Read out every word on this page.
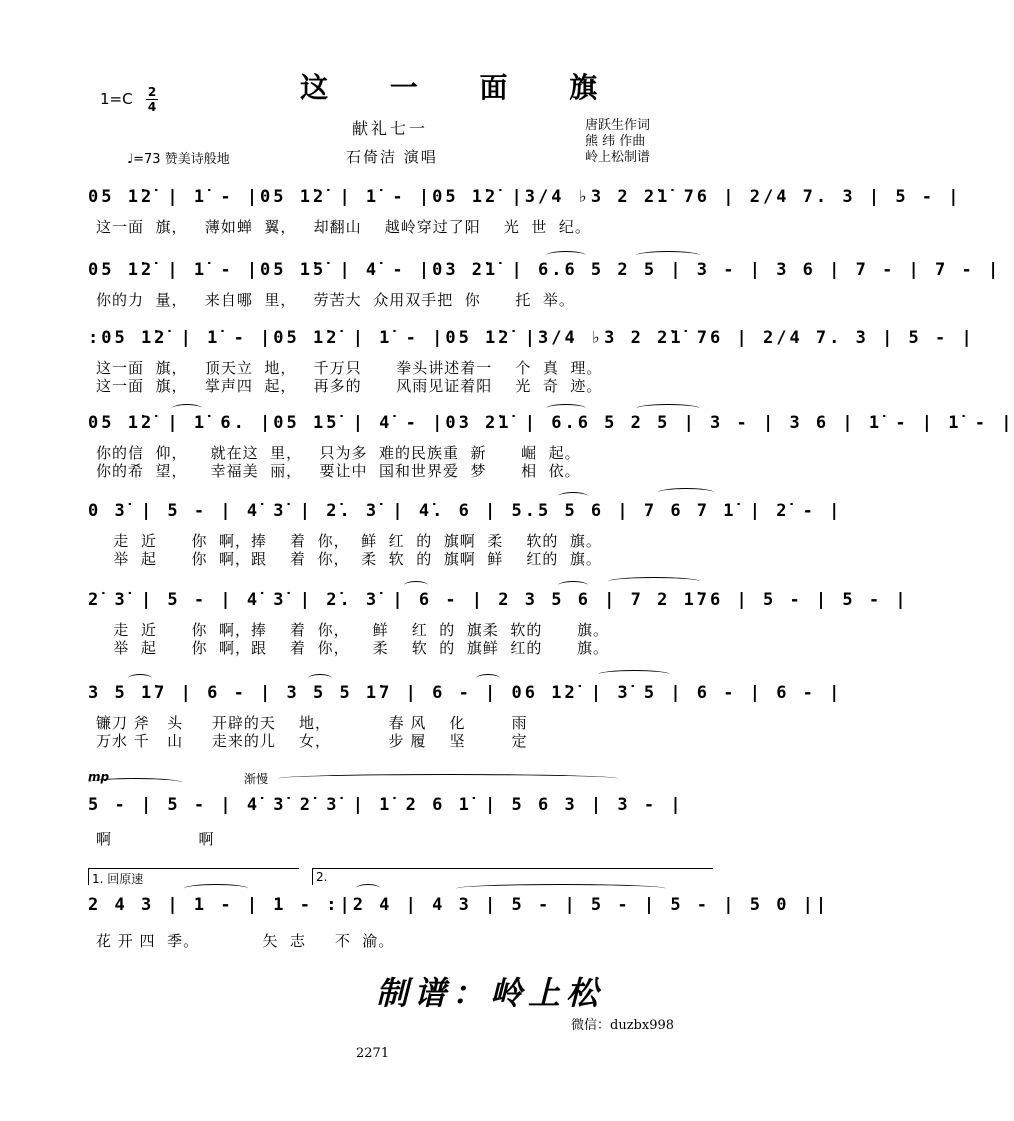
这 一 面 旗
1=C 2
4
献礼七一
♩=73 赞美诗般地	石倚洁 演唱
唐跃生作词
熊 纬 作曲
岭上松制谱
05 1̇2̇ | 1̇ - |05 1̇2̇ | 1̇ - |05 1̇2̇ |3/4 ♭3 2 2̇1̇ 76 | 2/4 7. 3 | 5 - |
这一面  旗，   薄如蝉  翼，   却翻山    越岭穿过了阳    光  世  纪。
05 1̇2̇ | 1̇ - |05 1̇5̇ | 4̇ - |03 2̇1̇ | 6.6 5 2 5 | 3 - | 3 6 | 7 - | 7 - |
你的力  量，   来自哪  里，   劳苦大  众用双手把  你      托  举。
:05 1̇2̇ | 1̇ - |05 1̇2̇ | 1̇ - |05 1̇2̇ |3/4 ♭3 2 2̇1̇ 76 | 2/4 7. 3 | 5 - |
这一面  旗，   顶天立  地，   千万只      拳头讲述着一    个  真  理。
这一面  旗，   掌声四  起，   再多的      风雨见证着阳    光  奇  迹。
05 1̇2̇ | 1̇ 6. |05 1̇5̇ | 4̇ - |03 2̇1̇ | 6.6 5 2 5 | 3 - | 3 6 | 1̇ - | 1̇ - |
你的信  仰，    就在这  里，   只为多  难的民族重  新      崛  起。
你的希  望，    幸福美  丽，   要让中  国和世界爱  梦      相  依。
0 3̇ | 5 - | 4̇ 3̇ | 2̇. 3̇ | 4̇. 6 | 5.5 5 6 | 7 6 7 1̇ | 2̇ - |
走  近      你  啊，捧    着  你，  鲜  红  的  旗啊  柔    软的  旗。
举  起      你  啊，跟    着  你，  柔  软  的  旗啊  鲜    红的  旗。
2̇ 3̇ | 5 - | 4̇ 3̇ | 2̇. 3̇ | 6 - | 2 3 5 6 | 7 2 1̇76 | 5 - | 5 - |
走  近      你  啊，捧    着  你，    鲜    红  的  旗柔  软的      旗。
举  起      你  啊，跟    着  你，    柔    软  的  旗鲜  红的      旗。
3 5 1̇7 | 6 - | 3 5 5 1̇7 | 6 - | 06 1̇2̇ | 3̇ 5 | 6 - | 6 - |
镰刀 斧   头     开辟的天    地，          春 风    化        雨
万水 千   山     走来的儿    女，          步 履    坚        定
mp	渐慢
5 - | 5 - | 4̇ 3̇ 2̇ 3̇ | 1̇ 2 6 1̇ | 5 6 3 | 3 - |
啊               啊
1. 回原速	2.
2 4 3 | 1 - | 1 - :|2 4 | 4 3 | 5 - | 5 - | 5 - | 5 0 ||
花 开 四  季。           矢  志     不  渝。
制谱：岭上松
微信：duzbx998
2271
